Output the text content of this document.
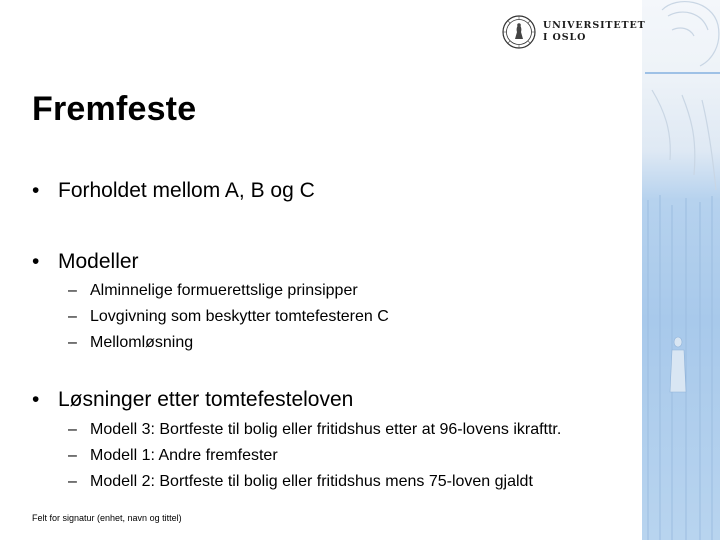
UNIVERSITETET
I OSLO
Fremfeste
• Forholdet mellom A, B og C
• Modeller
– Alminnelige formuerettslige prinsipper
– Lovgivning som beskytter tomtefesteren C
– Mellomløsning
• Løsninger etter tomtefesteloven
– Modell 3: Bortfeste til bolig eller fritidshus etter at 96-lovens ikrafttr.
– Modell 1: Andre fremfester
– Modell 2: Bortfeste til bolig eller fritidshus mens 75-loven gjaldt
Felt for signatur (enhet, navn og tittel)
